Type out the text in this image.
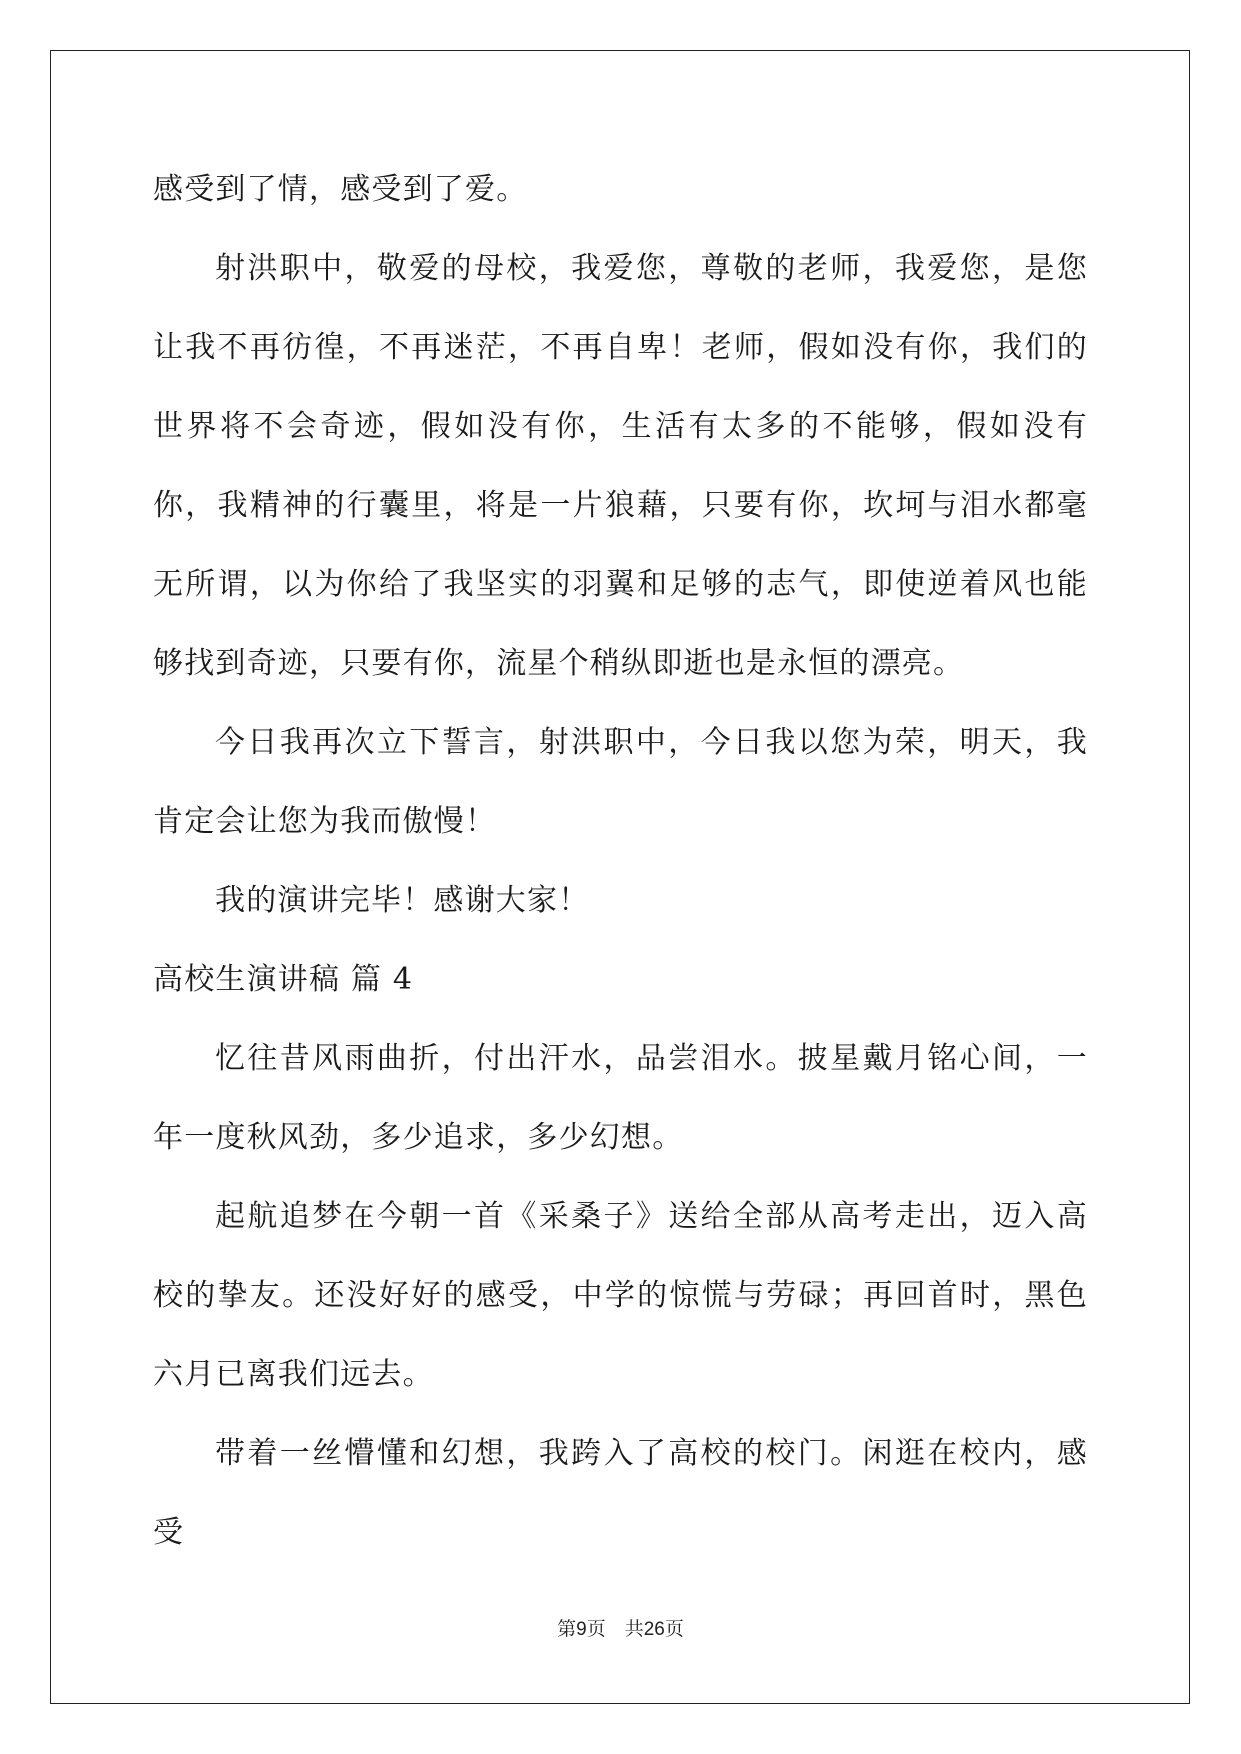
感受到了情，感受到了爱。

射洪职中，敬爱的母校，我爱您，尊敬的老师，我爱您，是您让我不再彷徨，不再迷茫，不再自卑！老师，假如没有你，我们的世界将不会奇迹，假如没有你，生活有太多的不能够，假如没有你，我精神的行囊里，将是一片狼藉，只要有你，坎坷与泪水都毫无所谓，以为你给了我坚实的羽翼和足够的志气，即使逆着风也能够找到奇迹，只要有你，流星个稍纵即逝也是永恒的漂亮。

今日我再次立下誓言，射洪职中，今日我以您为荣，明天，我肯定会让您为我而傲慢！

我的演讲完毕！感谢大家！

高校生演讲稿 篇 4

忆往昔风雨曲折，付出汗水，品尝泪水。披星戴月铭心间，一年一度秋风劲，多少追求，多少幻想。

起航追梦在今朝一首《采桑子》送给全部从高考走出，迈入高校的挚友。还没好好的感受，中学的惊慌与劳碌；再回首时，黑色六月已离我们远去。

带着一丝懵懂和幻想，我跨入了高校的校门。闲逛在校内，感受

第9页　共26页
